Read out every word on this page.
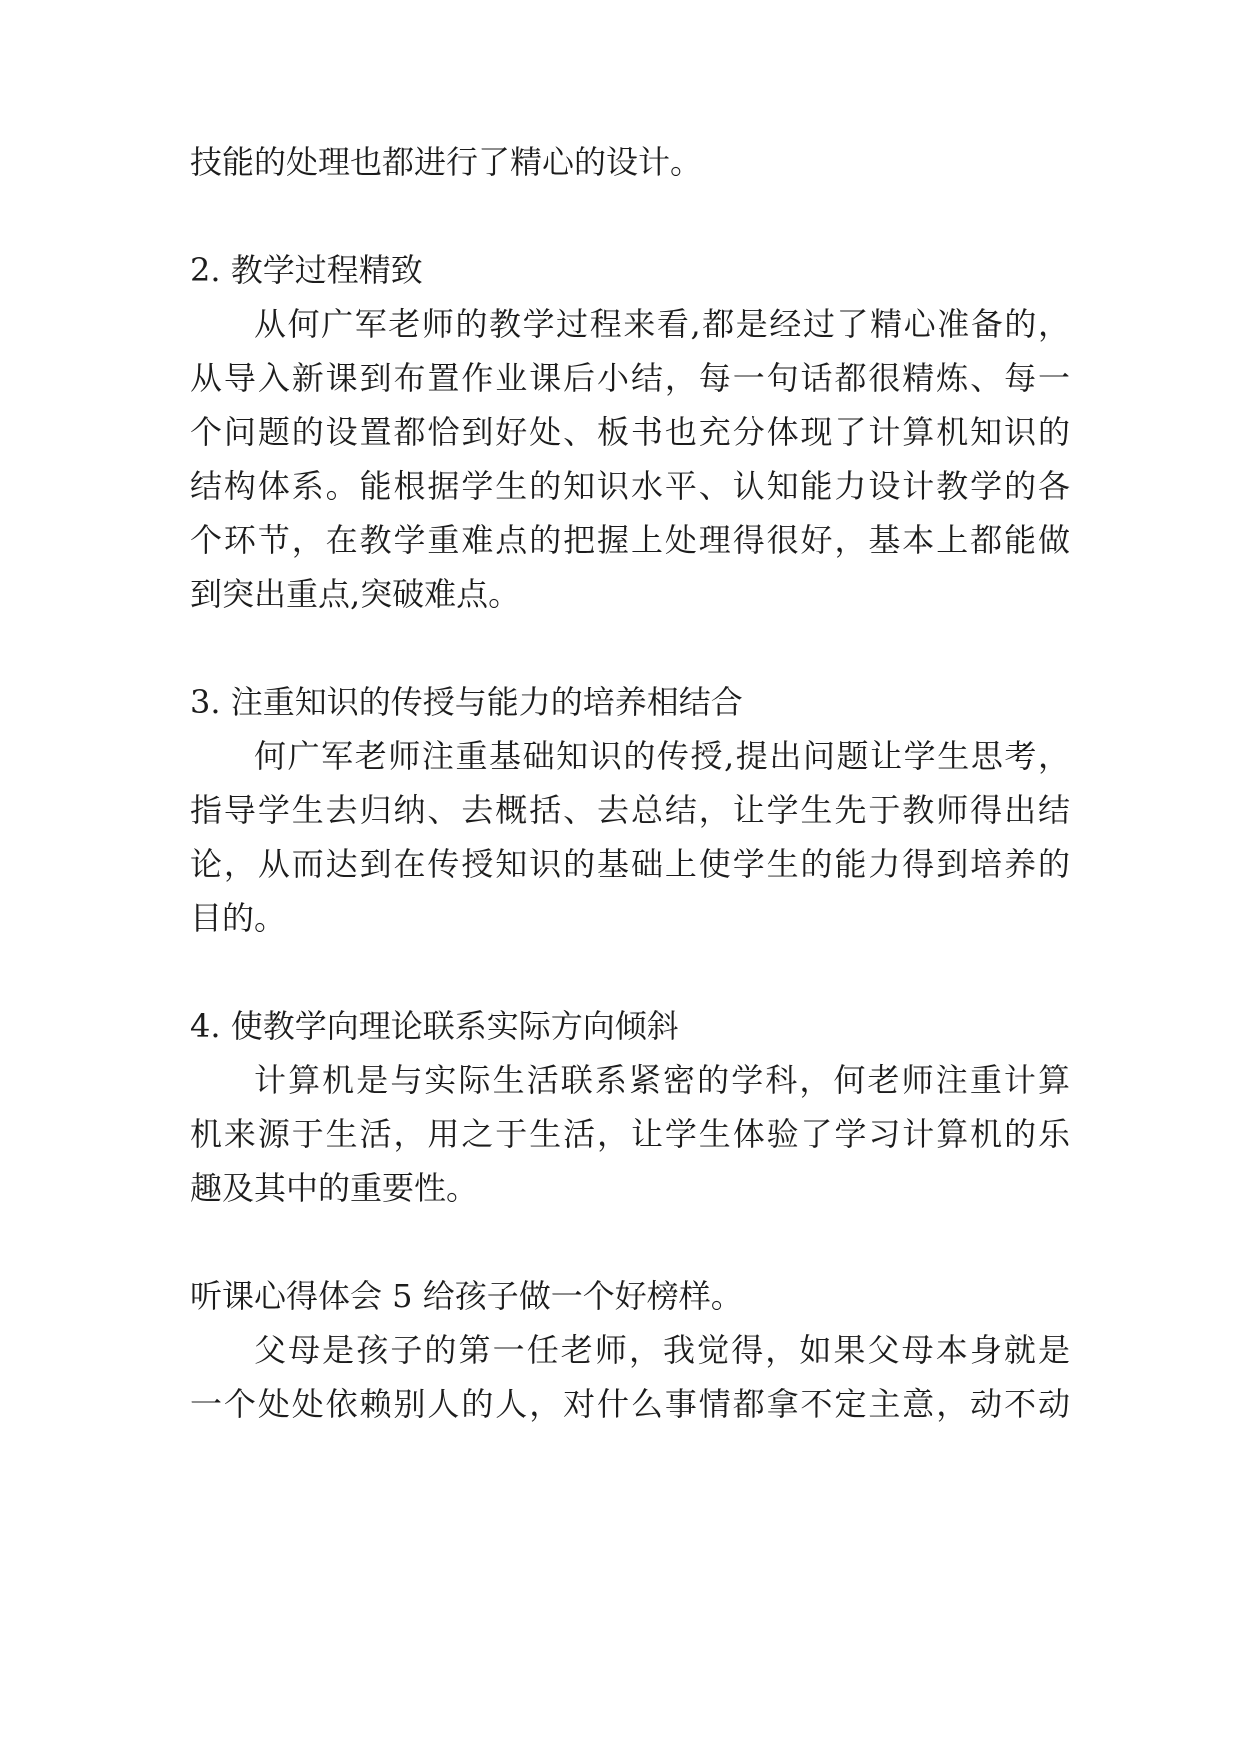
技能的处理也都进行了精心的设计。
2. 教学过程精致
从何广军老师的教学过程来看,都是经过了精心准备的，
从导入新课到布置作业课后小结，每一句话都很精炼、每一
个问题的设置都恰到好处、板书也充分体现了计算机知识的
结构体系。能根据学生的知识水平、认知能力设计教学的各
个环节，在教学重难点的把握上处理得很好，基本上都能做
到突出重点,突破难点。
3. 注重知识的传授与能力的培养相结合
何广军老师注重基础知识的传授,提出问题让学生思考，
指导学生去归纳、去概括、去总结，让学生先于教师得出结
论，从而达到在传授知识的基础上使学生的能力得到培养的
目的。
4. 使教学向理论联系实际方向倾斜
计算机是与实际生活联系紧密的学科，何老师注重计算
机来源于生活，用之于生活，让学生体验了学习计算机的乐
趣及其中的重要性。
听课心得体会 5 给孩子做一个好榜样。
父母是孩子的第一任老师，我觉得，如果父母本身就是
一个处处依赖别人的人，对什么事情都拿不定主意，动不动
